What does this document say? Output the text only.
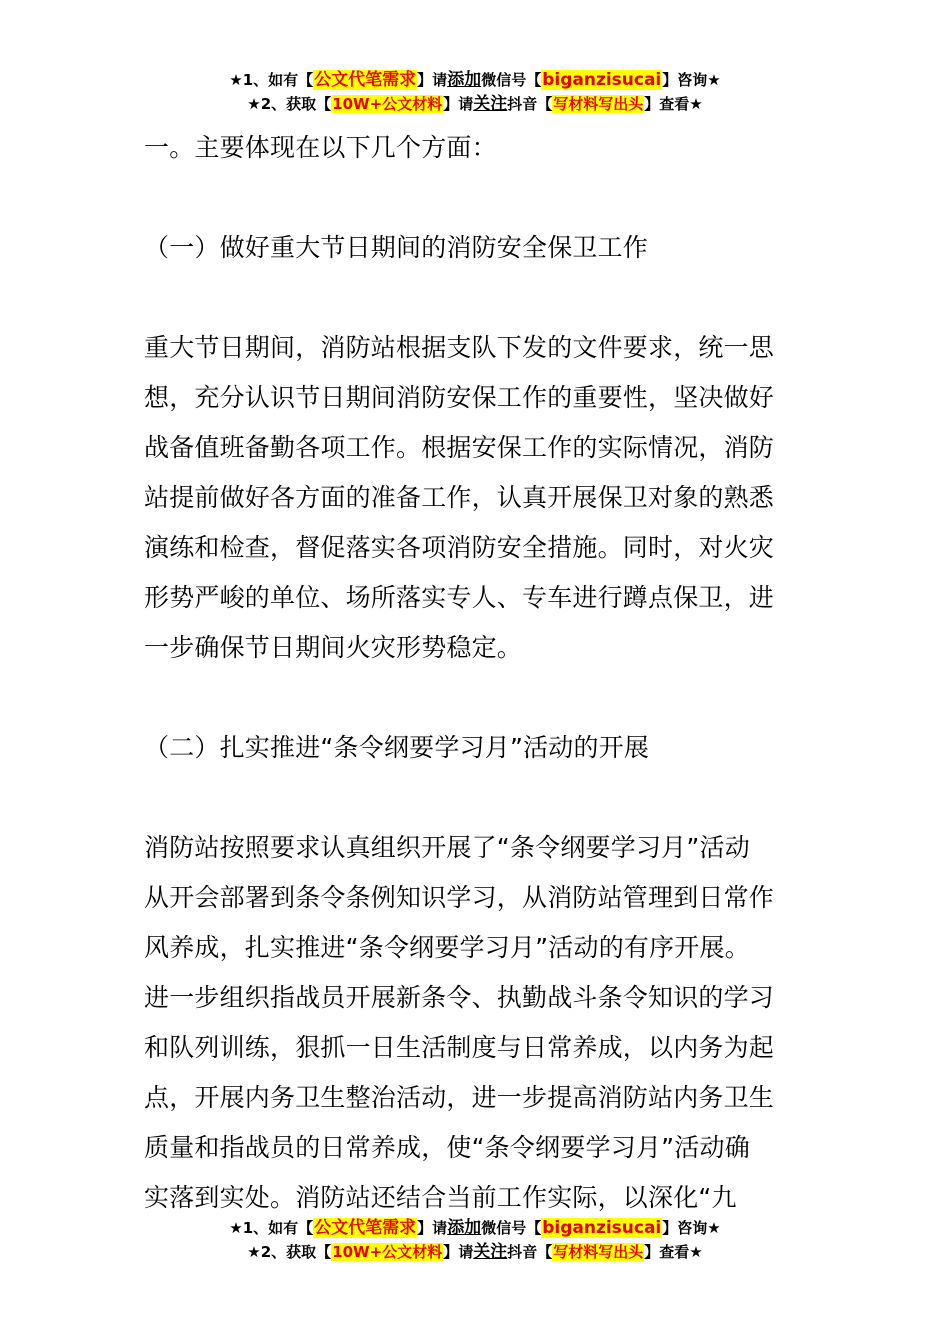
★1、如有【公文代笔需求】请添加微信号【biganzisucai】咨询★
★2、获取【10W+公文材料】请关注抖音【写材料写出头】查看★

一。主要体现在以下几个方面：

（一）做好重大节日期间的消防安全保卫工作

重大节日期间，消防站根据支队下发的文件要求，统一思

想，充分认识节日期间消防安保工作的重要性，坚决做好

战备值班备勤各项工作。根据安保工作的实际情况，消防

站提前做好各方面的准备工作，认真开展保卫对象的熟悉

演练和检查，督促落实各项消防安全措施。同时，对火灾

形势严峻的单位、场所落实专人、专车进行蹲点保卫，进

一步确保节日期间火灾形势稳定。

（二）扎实推进“条令纲要学习月”活动的开展

消防站按照要求认真组织开展了“条令纲要学习月”活动

从开会部署到条令条例知识学习，从消防站管理到日常作

风养成，扎实推进“条令纲要学习月”活动的有序开展。

进一步组织指战员开展新条令、执勤战斗条令知识的学习

和队列训练，狠抓一日生活制度与日常养成，以内务为起

点，开展内务卫生整治活动，进一步提高消防站内务卫生

质量和指战员的日常养成，使“条令纲要学习月”活动确

实落到实处。消防站还结合当前工作实际，以深化“九

★1、如有【公文代笔需求】请添加微信号【biganzisucai】咨询★
★2、获取【10W+公文材料】请关注抖音【写材料写出头】查看★
